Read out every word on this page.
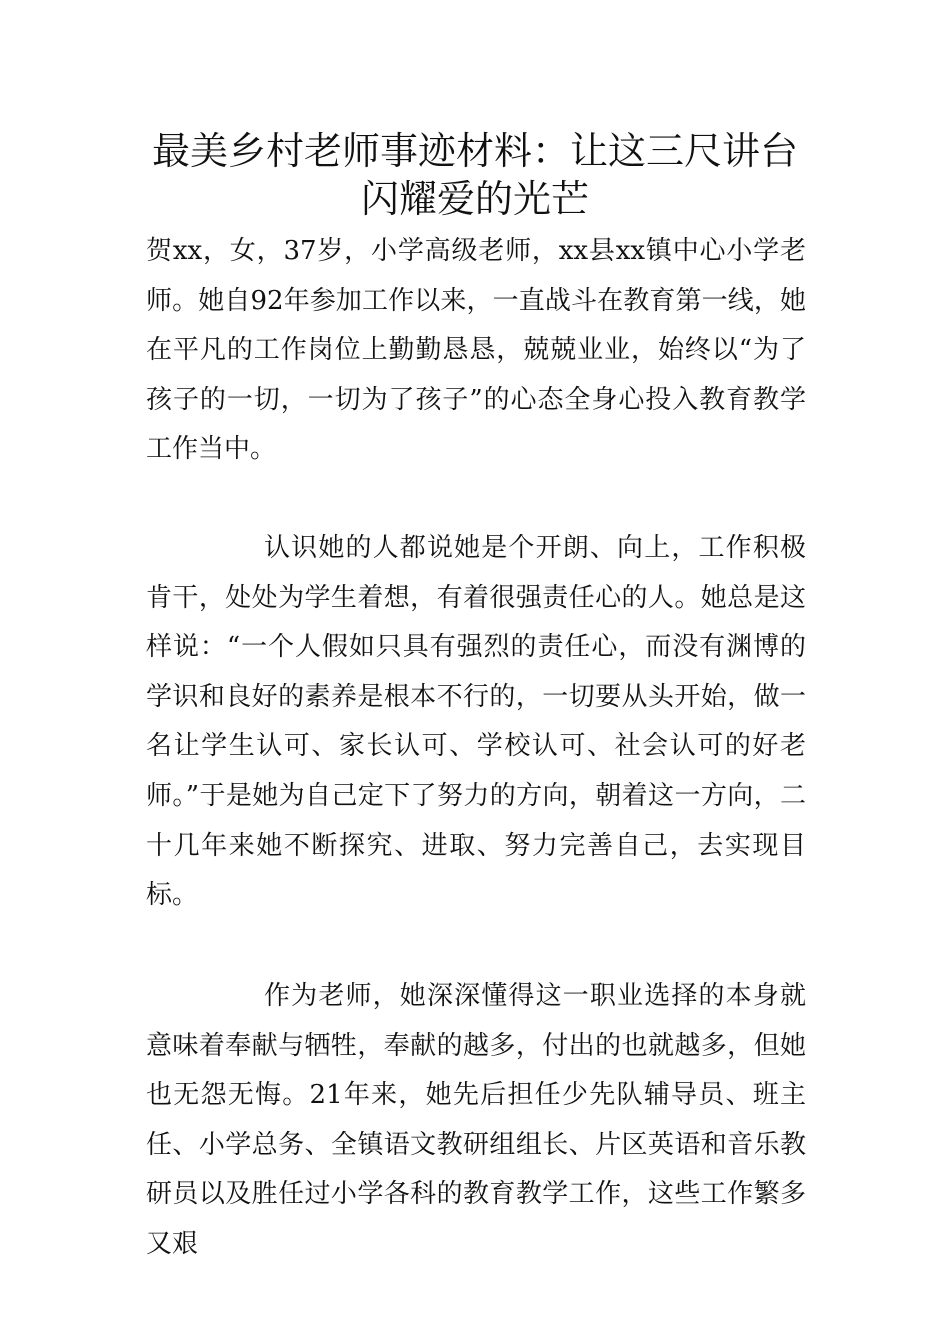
最美乡村老师事迹材料：让这三尺讲台
闪耀爱的光芒

贺xx，女，37岁，小学高级老师，xx县xx镇中心小学老师。她自92年参加工作以来，一直战斗在教育第一线，她在平凡的工作岗位上勤勤恳恳，兢兢业业，始终以“为了孩子的一切，一切为了孩子”的心态全身心投入教育教学工作当中。

认识她的人都说她是个开朗、向上，工作积极肯干，处处为学生着想，有着很强责任心的人。她总是这样说：“一个人假如只具有强烈的责任心，而没有渊博的学识和良好的素养是根本不行的，一切要从头开始，做一名让学生认可、家长认可、学校认可、社会认可的好老师。”于是她为自己定下了努力的方向，朝着这一方向，二十几年来她不断探究、进取、努力完善自己，去实现目标。

作为老师，她深深懂得这一职业选择的本身就意味着奉献与牺牲，奉献的越多，付出的也就越多，但她也无怨无悔。21年来，她先后担任少先队辅导员、班主任、小学总务、全镇语文教研组组长、片区英语和音乐教研员以及胜任过小学各科的教育教学工作，这些工作繁多又艰
